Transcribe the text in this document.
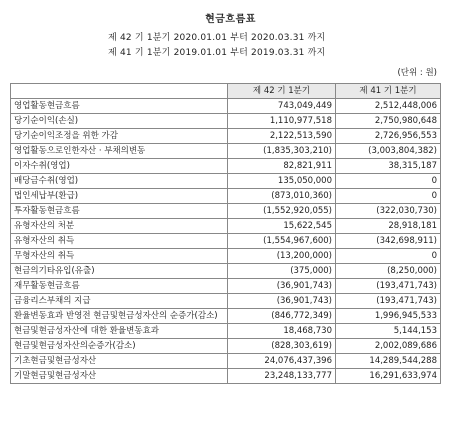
현금흐름표
제 42 기 1분기 2020.01.01 부터 2020.03.31 까지
제 41 기 1분기 2019.01.01 부터 2019.03.31 까지
(단위 : 원)
	제 42 기 1분기	제 41 기 1분기
영업활동현금흐름	743,049,449	2,512,448,006
당기순이익(손실)	1,110,977,518	2,750,980,648
당기순이익조정을 위한 가감	2,122,513,590	2,726,956,553
영업활동으로인한자산 · 부채의변동	(1,835,303,210)	(3,003,804,382)
이자수취(영업)	82,821,911	38,315,187
배당금수취(영업)	135,050,000	0
법인세납부(환급)	(873,010,360)	0
투자활동현금흐름	(1,552,920,055)	(322,030,730)
유형자산의 처분	15,622,545	28,918,181
유형자산의 취득	(1,554,967,600)	(342,698,911)
무형자산의 취득	(13,200,000)	0
현금의기타유입(유출)	(375,000)	(8,250,000)
재무활동현금흐름	(36,901,743)	(193,471,743)
금융리스부채의 지급	(36,901,743)	(193,471,743)
환율변동효과 반영전 현금및현금성자산의 순증가(감소)	(846,772,349)	1,996,945,533
현금및현금성자산에 대한 환율변동효과	18,468,730	5,144,153
현금및현금성자산의순증가(감소)	(828,303,619)	2,002,089,686
기초현금및현금성자산	24,076,437,396	14,289,544,288
기말현금및현금성자산	23,248,133,777	16,291,633,974
